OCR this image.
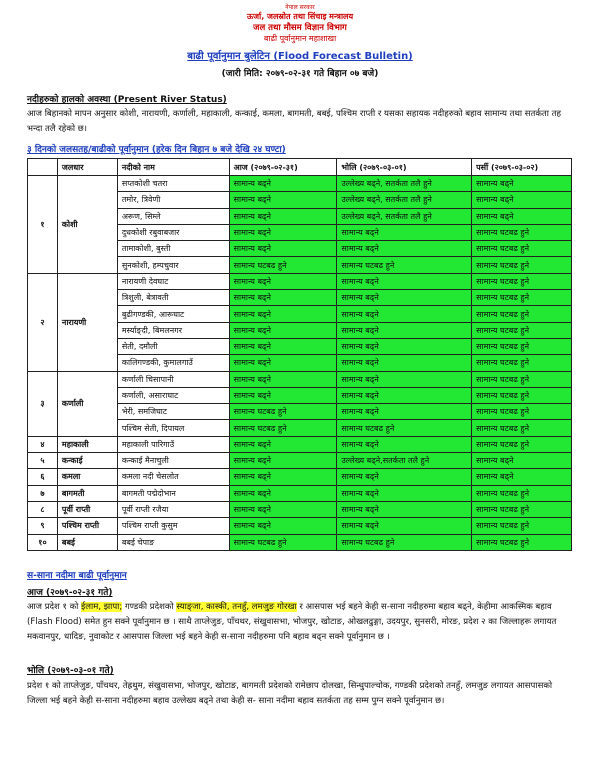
नेपाल सरकार
ऊर्जा, जलस्रोत तथा सिंचाइ मन्त्रालय
जल तथा मौसम विज्ञान विभाग
बाढी पूर्वानुमान महाशाखा
बाढी पूर्वानुमान बुलेटिन (Flood Forecast Bulletin)
(जारी मिति: २०७९-०२-३१ गते बिहान ०७ बजे)
नदीहरुको हालको अवस्था (Present River Status)
आज बिहानको मापन अनुसार कोशी, नारायणी, कर्णाली, महाकाली, कन्काई, कमला, बागमती, बबई, पश्चिम राप्ती र यसका सहायक नदीहरुको बहाव सामान्य तथा सतर्कता तह भन्दा तलै रहेको छ।
३ दिनको जलसतह/बाढीको पूर्वानुमान (हरेक दिन बिहान ७ बजे देखि २४ घण्टा)
	जलधार	नदीको नाम	आज (२०७९-०२-३१)	भोलि (२०७९-०३-०१)	पर्सी (२०७९-०३-०२)
१	कोशी	सप्तकोशी चतरा	सामान्य बढ्ने	उल्लेख्य बढ्ने, सतर्कता तलै हुने	सामान्य बढ्ने
		तमोर, त्रिवेणी	सामान्य बढ्ने	उल्लेख्य बढ्ने, सतर्कता तलै हुने	सामान्य बढ्ने
		अरूण, सिम्ले	सामान्य बढ्ने	उल्लेख्य बढ्ने, सतर्कता तलै हुने	सामान्य बढ्ने
		दुधकोशी रबुवाबजार	सामान्य बढ्ने	सामान्य बढ्ने	सामान्य घटबढ हुने
		तामाकोशी, बुस्ती	सामान्य बढ्ने	सामान्य बढ्ने	सामान्य घटबढ हुने
		सुनकोशी, हम्पचुवार	सामान्य घटबढ हुने	सामान्य घटबढ हुने	सामान्य घटबढ हुने
२	नारायणी	नारायणी देवघाट	सामान्य बढ्ने	सामान्य बढ्ने	सामान्य घटबढ हुने
		त्रिशुली, बेत्रावती	सामान्य बढ्ने	सामान्य बढ्ने	सामान्य घटबढ हुने
		बुढीगण्डकी, आरूघाट	सामान्य बढ्ने	सामान्य बढ्ने	सामान्य घटबढ हुने
		मर्स्याङ्दी, बिमलनगर	सामान्य बढ्ने	सामान्य बढ्ने	सामान्य घटबढ हुने
		सेती, दमौली	सामान्य बढ्ने	सामान्य बढ्ने	सामान्य घटबढ हुने
		कालिगण्डकी, कुमालगाउँ	सामान्य बढ्ने	सामान्य बढ्ने	सामान्य घटबढ हुने
३	कर्णाली	कर्णाली चिसापानी	सामान्य बढ्ने	सामान्य बढ्ने	सामान्य घटबढ हुने
		कर्णाली, असाराघाट	सामान्य बढ्ने	सामान्य बढ्ने	सामान्य घटबढ हुने
		भेरी, समजिघाट	सामान्य घटबढ हुने	सामान्य बढ्ने	सामान्य घटबढ हुने
		पश्चिम सेती, दिपायल	सामान्य घटबढ हुने	सामान्य घटबढ हुने	सामान्य घटबढ हुने
४	महाकाली	महाकाली पारिगाउँ	सामान्य बढ्ने	सामान्य बढ्ने	सामान्य घटबढ हुने
५	कन्काई	कन्काई मैनाचुली	सामान्य बढ्ने	उल्लेख्य बढ्ने,सतर्कता तलै हुने	सामान्य बढ्ने
६	कमला	कमला नदी चेसलोत	सामान्य बढ्ने	सामान्य बढ्ने	सामान्य बढ्ने
७	बागमती	बागमती पद्मेदोभान	सामान्य बढ्ने	सामान्य बढ्ने	सामान्य घटबढ हुने
८	पूर्वी राप्ती	पूर्वी राप्ती रजैया	सामान्य बढ्ने	सामान्य बढ्ने	सामान्य घटबढ हुने
९	पश्चिम राप्ती	पश्चिम राप्ती कुसुम	सामान्य बढ्ने	सामान्य बढ्ने	सामान्य घटबढ हुने
१०	बबई	बबई चेपाङ	सामान्य घटबढ हुने	सामान्य घटबढ हुने	सामान्य घटबढ हुने
स-साना नदीमा बाढी पूर्वानुमान
आज (२०७९-०२-३१ गते)
आज प्रदेश १ को ईलाम, झापा; गण्डकी प्रदेशको स्याङ्जा, कास्की, तनहुँ, लमजुङ गोरखा र आसपास भई बहने केही स-साना नदीहरुमा बहाव बढ्ने, केहीमा आकस्मिक बहाव (Flash Flood) समेत हुन सक्ने पूर्वानुमान छ । साथै ताप्लेजुङ, पाँचथर, संखुवासभा, भोजपुर, खोटाङ, ओखलढुङ्गा, उदयपुर, सुनसरी, मोरङ, प्रदेश २ का जिल्लाहरू लगायत मकवानपुर, धादिङ, नुवाकोट र आसपास जिल्ला भई बहने केही स-साना नदीहरुमा पनि बहाव बढ्न सक्ने पूर्वानुमान छ ।
भोलि (२०७९-०३-०१ गते)
प्रदेश १ को ताप्लेजुङ, पाँचथर, तेह्रथुम, संखुवासभा, भोजपुर, खोटाङ, बागमती प्रदेशको रामेछाप दोलखा, सिन्धुपाल्चोक, गण्डकी प्रदेशको तनहुँ, लमजुङ लगायत आसपासको जिल्ला भई बहने केही स-साना नदीहरुमा बहाव उल्लेख्य बढ्ने तथा केही स- साना नदीमा बहाव सतर्कता तह सम्म पुग्न सक्ने पूर्वानुमान छ।
